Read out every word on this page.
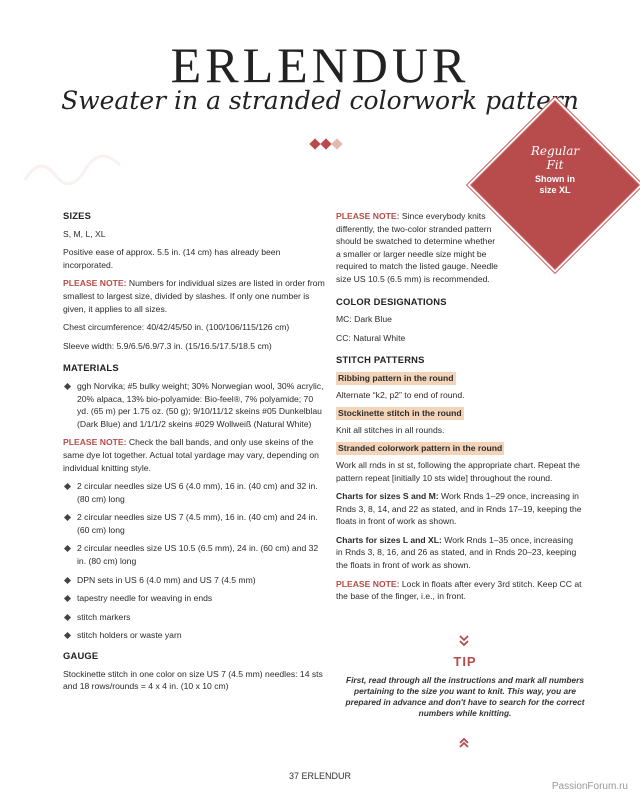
ERLENDUR
Sweater in a stranded colorwork pattern
Regular
Fit
Shown in
size XL
SIZES

S, M, L, XL

Positive ease of approx. 5.5 in. (14 cm) has already been incorporated.

PLEASE NOTE: Numbers for individual sizes are listed in order from smallest to largest size, divided by slashes. If only one number is given, it applies to all sizes.

Chest circumference: 40/42/45/50 in. (100/106/115/126 cm)

Sleeve width: 5.9/6.5/6.9/7.3 in. (15/16.5/17.5/18.5 cm)

MATERIALS
ggh Norvika; #5 bulky weight; 30% Norwegian wool, 30% acrylic, 20% alpaca, 13% bio-polyamide: Bio-feel®, 7% polyamide; 70 yd. (65 m) per 1.75 oz. (50 g); 9/10/11/12 skeins #05 Dunkelblau (Dark Blue) and 1/1/1/2 skeins #029 Wollweiß (Natural White)

PLEASE NOTE: Check the ball bands, and only use skeins of the same dye lot together. Actual total yardage may vary, depending on individual knitting style.

2 circular needles size US 6 (4.0 mm), 16 in. (40 cm) and 32 in. (80 cm) long
2 circular needles size US 7 (4.5 mm), 16 in. (40 cm) and 24 in. (60 cm) long
2 circular needles size US 10.5 (6.5 mm), 24 in. (60 cm) and 32 in. (80 cm) long
DPN sets in US 6 (4.0 mm) and US 7 (4.5 mm)
tapestry needle for weaving in ends
stitch markers
stitch holders or waste yarn
GAUGE

Stockinette stitch in one color on size US 7 (4.5 mm) needles: 14 sts and 18 rows/rounds = 4 x 4 in. (10 x 10 cm)

PLEASE NOTE: Since everybody knits differently, the two-color stranded pattern should be swatched to determine whether a smaller or larger needle size might be required to match the listed gauge. Needle size US 10.5 (6.5 mm) is recommended.

COLOR DESIGNATIONS

MC: Dark Blue

CC: Natural White

STITCH PATTERNS
Ribbing pattern in the round

Alternate “k2, p2” to end of round.

Stockinette stitch in the round

Knit all stitches in all rounds.

Stranded colorwork pattern in the round

Work all rnds in st st, following the appropriate chart. Repeat the pattern repeat [initially 10 sts wide] throughout the round.

Charts for sizes S and M: Work Rnds 1–29 once, increasing in Rnds 3, 8, 14, and 22 as stated, and in Rnds 17–19, keeping the floats in front of work as shown.

Charts for sizes L and XL: Work Rnds 1–35 once, increasing in Rnds 3, 8, 16, and 26 as stated, and in Rnds 20–23, keeping the floats in front of work as shown.

PLEASE NOTE: Lock in floats after every 3rd stitch. Keep CC at the base of the finger, i.e., in front.

TIP
First, read through all the instructions and mark all numbers pertaining to the size you want to knit. This way, you are prepared in advance and don't have to search for the correct numbers while knitting.
37 ERLENDUR
PassionForum.ru
